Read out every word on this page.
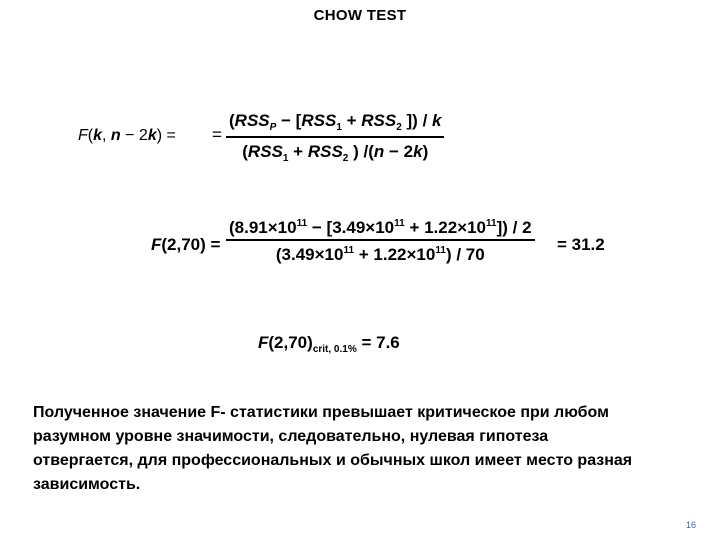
CHOW TEST
F(k, n − 2k) = =
($RSS_P - [RSS_1 + RSS_2$ ]) / k
($RSS_1 + RSS_2$ ) /(n − 2k)
F(2,70) =
$(8.91\times 10^{11} - [3.49\times 10^{11} + 1.22\times 10^{11}]) / 2$
$(3.49\times 10^{11} + 1.22\times 10^{11}) / 70$	= 31.2
$F(2,70)_{crit, 0.1\%} = 7.6$
Полученное значение F- статистики превышает критическое при любом разумном уровне значимости, следовательно, нулевая гипотеза отвергается, для профессиональных и обычных школ имеет место разная зависимость.
16
